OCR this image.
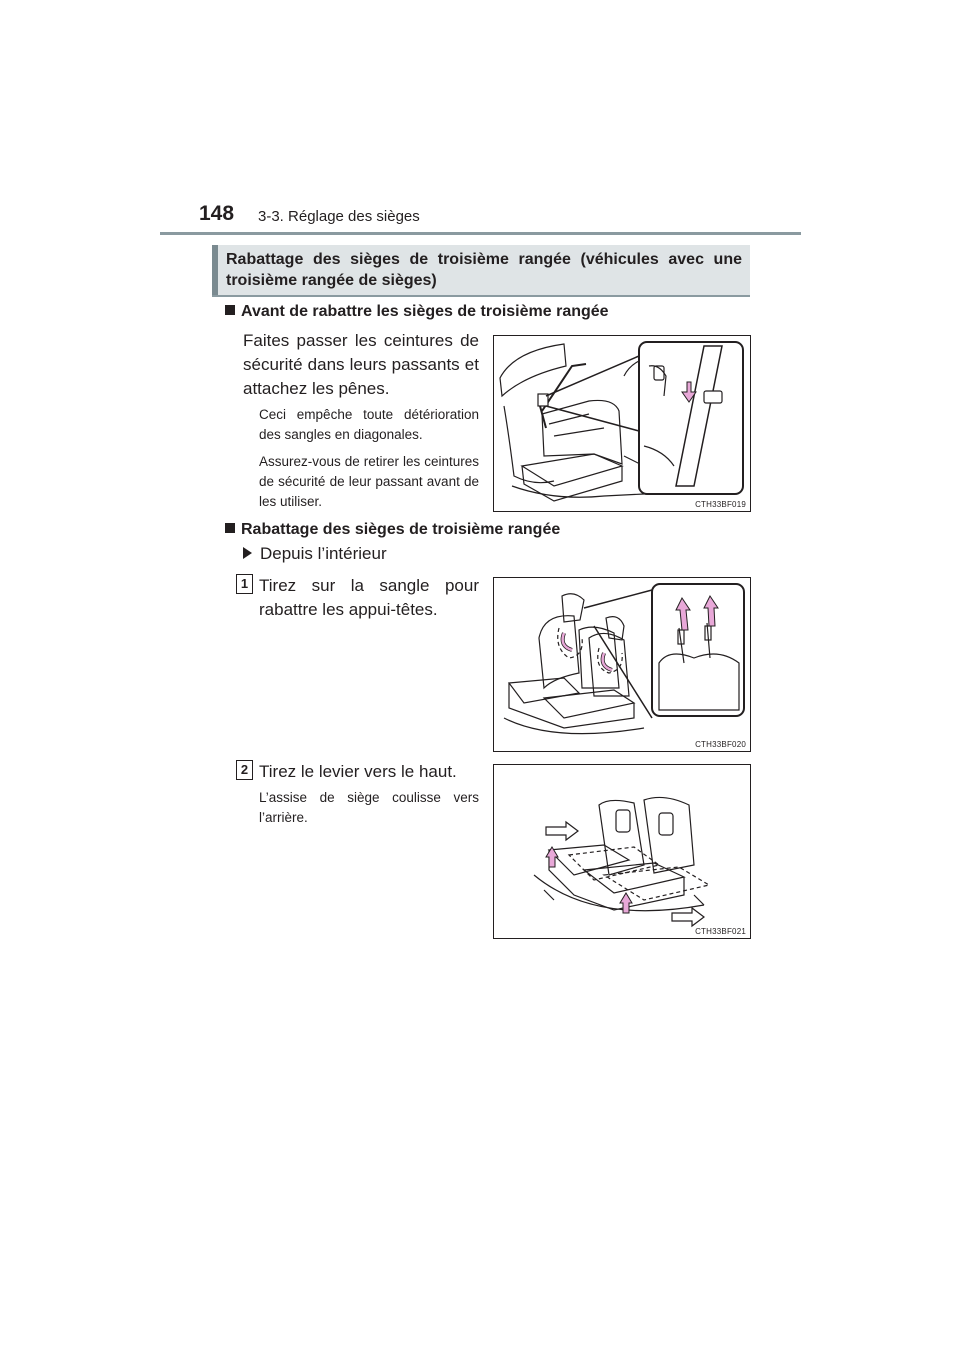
148 3-3. Réglage des sièges
Rabattage des sièges de troisième rangée (véhicules avec une troisième rangée de sièges)
Avant de rabattre les sièges de troisième rangée
Faites passer les ceintures de sécurité dans leurs passants et attachez les pênes.
Ceci empêche toute détérioration des sangles en diagonales.
Assurez-vous de retirer les ceintures de sécurité de leur passant avant de les utiliser.	CTH33BF019
Rabattage des sièges de troisième rangée
Depuis l’intérieur
1 Tirez sur la sangle pour rabattre les appui-têtes.
CTH33BF020
2 Tirez le levier vers le haut.
L’assise de siège coulisse vers l’arrière.
CTH33BF021
